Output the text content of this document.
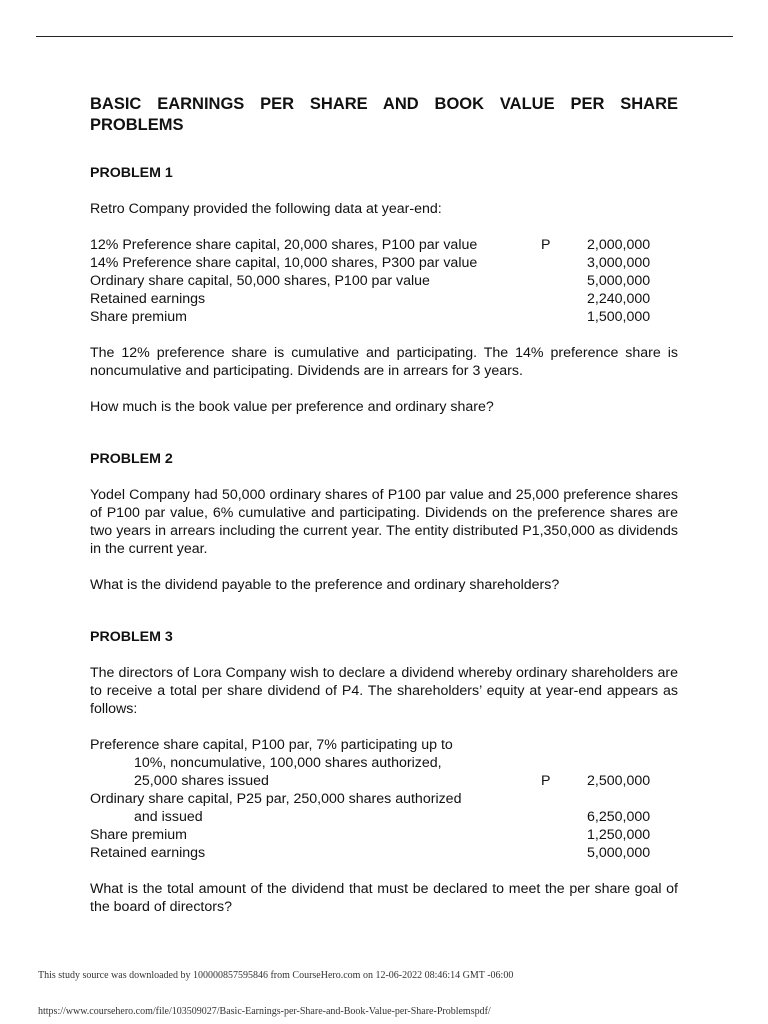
BASIC EARNINGS PER SHARE AND BOOK VALUE PER SHARE PROBLEMS
PROBLEM 1

Retro Company provided the following data at year-end:

12% Preference share capital, 20,000 shares, P100 par value	P	2,000,000
14% Preference share capital, 10,000 shares, P300 par value	3,000,000
Ordinary share capital, 50,000 shares, P100 par value	5,000,000
Retained earnings	2,240,000
Share premium	1,500,000

The 12% preference share is cumulative and participating. The 14% preference share is noncumulative and participating. Dividends are in arrears for 3 years.

How much is the book value per preference and ordinary share?

PROBLEM 2

Yodel Company had 50,000 ordinary shares of P100 par value and 25,000 preference shares of P100 par value, 6% cumulative and participating. Dividends on the preference shares are two years in arrears including the current year. The entity distributed P1,350,000 as dividends in the current year.

What is the dividend payable to the preference and ordinary shareholders?

PROBLEM 3

The directors of Lora Company wish to declare a dividend whereby ordinary shareholders are to receive a total per share dividend of P4. The shareholders’ equity at year-end appears as follows:

Preference share capital, P100 par, 7% participating up to
10%, noncumulative, 100,000 shares authorized,
25,000 shares issued	P	2,500,000
Ordinary share capital, P25 par, 250,000 shares authorized
and issued	6,250,000
Share premium	1,250,000
Retained earnings	5,000,000

What is the total amount of the dividend that must be declared to meet the per share goal of the board of directors?

This study source was downloaded by 100000857595846 from CourseHero.com on 12-06-2022 08:46:14 GMT -06:00
https://www.coursehero.com/file/103509027/Basic-Earnings-per-Share-and-Book-Value-per-Share-Problemspdf/
